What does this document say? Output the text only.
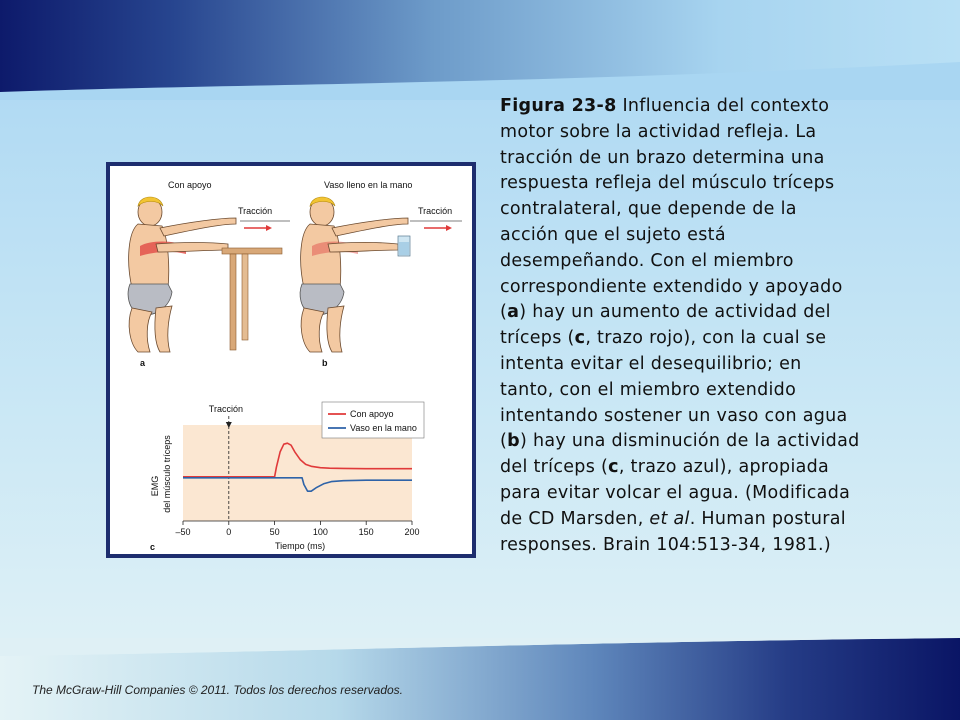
Con apoyo	Vaso lleno en la mano
Tracción
a
Tracción
b
Tracción
–50	0	50	100	150	200
Tiempo (ms)
EMG del músculo tríceps
Con apoyo
Vaso en la mano
c
Figura 23-8 Influencia del contexto motor sobre la actividad refleja. La tracción de un brazo determina una respuesta refleja del músculo tríceps contralateral, que depende de la acción que el sujeto está desempeñando. Con el miembro correspondiente extendido y apoyado (a) hay un aumento de actividad del tríceps (c, trazo rojo), con la cual se intenta evitar el desequilibrio; en tanto, con el miembro extendido intentando sostener un vaso con agua (b) hay una disminución de la actividad del tríceps (c, trazo azul), apropiada para evitar volcar el agua. (Modificada de CD Marsden, et al. Human postural responses. Brain 104:513-34, 1981.)
The McGraw-Hill Companies © 2011. Todos los derechos reservados.
